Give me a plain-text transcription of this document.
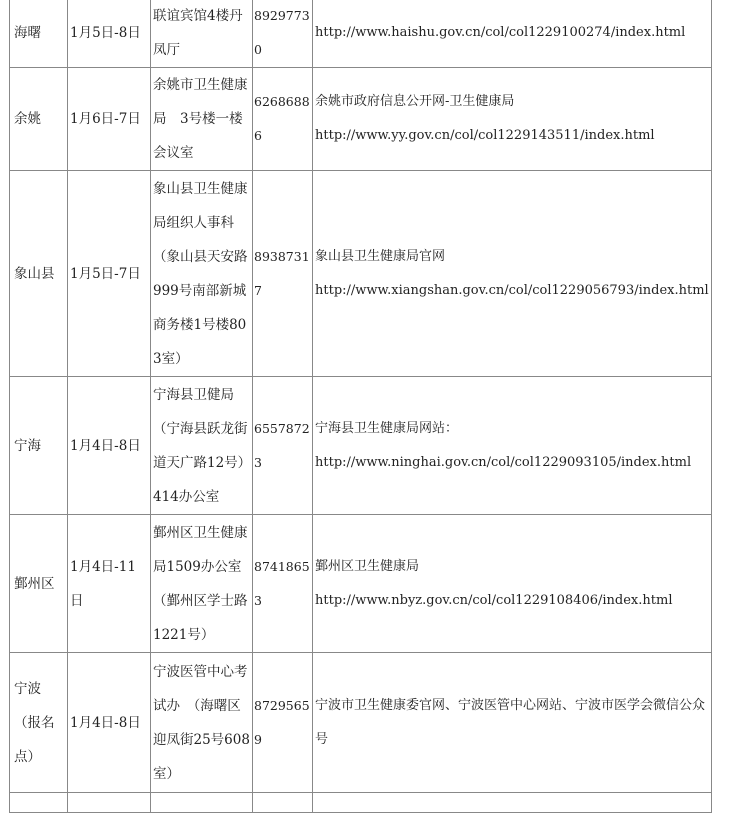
海曙	1月5日-8日	联谊宾馆4楼丹凤厅	89297730	http://www.haishu.gov.cn/col/col1229100274/index.html

余姚	1月6日-7日	余姚市卫生健康局　3号楼一楼会议室	62686886	余姚市政府信息公开网-卫生健康局
http://www.yy.gov.cn/col/col1229143511/index.html

象山县	1月5日-7日	象山县卫生健康局组织人事科（象山县天安路999号南部新城商务楼1号楼803室）	89387317	象山县卫生健康局官网
http://www.xiangshan.gov.cn/col/col1229056793/index.html

宁海	1月4日-8日	宁海县卫健局（宁海县跃龙街道天广路12号）414办公室	65578723	宁海县卫生健康局网站：
http://www.ninghai.gov.cn/col/col1229093105/index.html

鄞州区	1月4日-11日	鄞州区卫生健康局1509办公室（鄞州区学士路1221号）	87418653	鄞州区卫生健康局
http://www.nbyz.gov.cn/col/col1229108406/index.html

宁波（报名点）	1月4日-8日	宁波医管中心考试办　（海曙区迎凤街25号608室）	87295659	宁波市卫生健康委官网、宁波医管中心网站、宁波市医学会微信公众号
